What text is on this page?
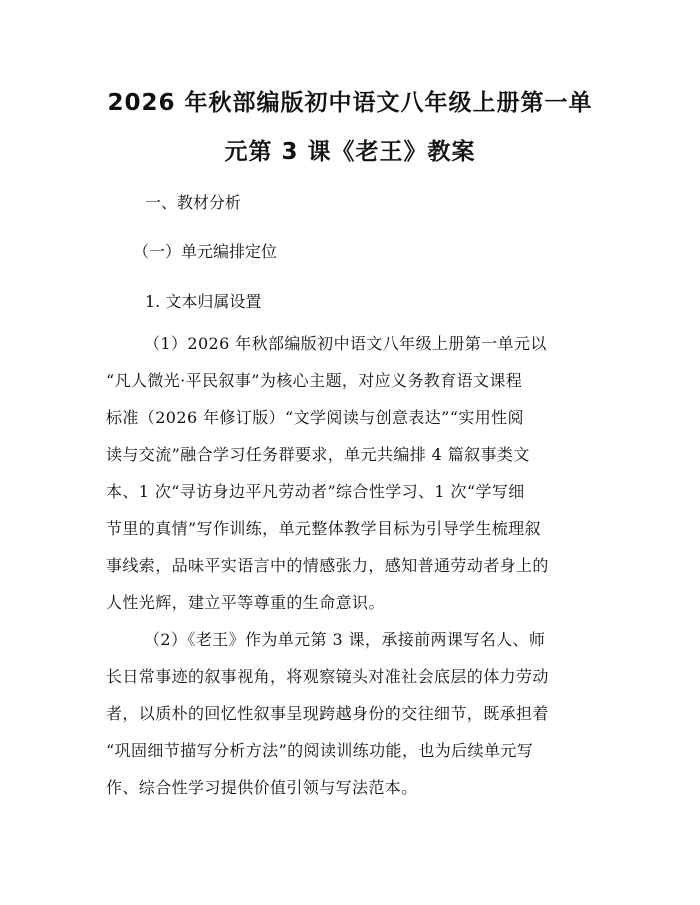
2026 年秋部编版初中语文八年级上册第一单
元第 3 课《老王》教案
一、教材分析
（一）单元编排定位
1. 文本归属设置
（1）2026 年秋部编版初中语文八年级上册第一单元以
“凡人微光·平民叙事”为核心主题，对应义务教育语文课程
标准（2026 年修订版）“文学阅读与创意表达”“实用性阅
读与交流”融合学习任务群要求，单元共编排 4 篇叙事类文
本、1 次“寻访身边平凡劳动者”综合性学习、1 次“学写细
节里的真情”写作训练，单元整体教学目标为引导学生梳理叙
事线索，品味平实语言中的情感张力，感知普通劳动者身上的
人性光辉，建立平等尊重的生命意识。
（2）《老王》作为单元第 3 课，承接前两课写名人、师
长日常事迹的叙事视角，将观察镜头对准社会底层的体力劳动
者，以质朴的回忆性叙事呈现跨越身份的交往细节，既承担着
“巩固细节描写分析方法”的阅读训练功能，也为后续单元写
作、综合性学习提供价值引领与写法范本。
